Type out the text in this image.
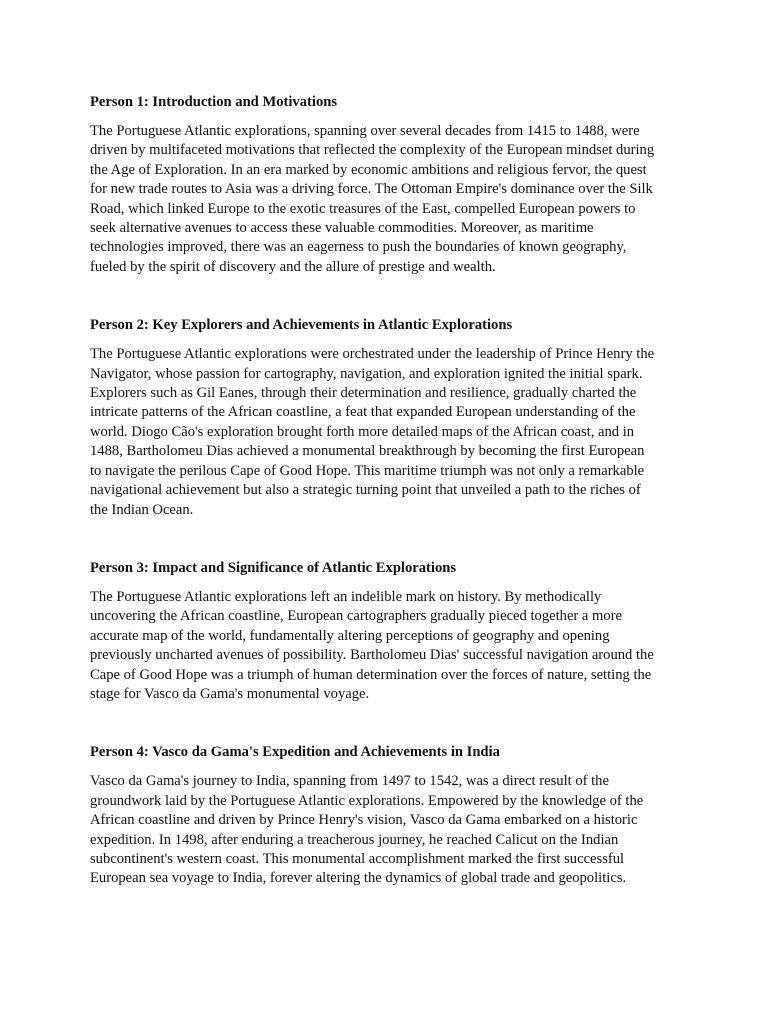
Person 1: Introduction and Motivations
The Portuguese Atlantic explorations, spanning over several decades from 1415 to 1488, were
driven by multifaceted motivations that reflected the complexity of the European mindset during
the Age of Exploration. In an era marked by economic ambitions and religious fervor, the quest
for new trade routes to Asia was a driving force. The Ottoman Empire's dominance over the Silk
Road, which linked Europe to the exotic treasures of the East, compelled European powers to
seek alternative avenues to access these valuable commodities. Moreover, as maritime
technologies improved, there was an eagerness to push the boundaries of known geography,
fueled by the spirit of discovery and the allure of prestige and wealth.
Person 2: Key Explorers and Achievements in Atlantic Explorations
The Portuguese Atlantic explorations were orchestrated under the leadership of Prince Henry the
Navigator, whose passion for cartography, navigation, and exploration ignited the initial spark.
Explorers such as Gil Eanes, through their determination and resilience, gradually charted the
intricate patterns of the African coastline, a feat that expanded European understanding of the
world. Diogo Cão's exploration brought forth more detailed maps of the African coast, and in
1488, Bartholomeu Dias achieved a monumental breakthrough by becoming the first European
to navigate the perilous Cape of Good Hope. This maritime triumph was not only a remarkable
navigational achievement but also a strategic turning point that unveiled a path to the riches of
the Indian Ocean.
Person 3: Impact and Significance of Atlantic Explorations
The Portuguese Atlantic explorations left an indelible mark on history. By methodically
uncovering the African coastline, European cartographers gradually pieced together a more
accurate map of the world, fundamentally altering perceptions of geography and opening
previously uncharted avenues of possibility. Bartholomeu Dias' successful navigation around the
Cape of Good Hope was a triumph of human determination over the forces of nature, setting the
stage for Vasco da Gama's monumental voyage.
Person 4: Vasco da Gama's Expedition and Achievements in India
Vasco da Gama's journey to India, spanning from 1497 to 1542, was a direct result of the
groundwork laid by the Portuguese Atlantic explorations. Empowered by the knowledge of the
African coastline and driven by Prince Henry's vision, Vasco da Gama embarked on a historic
expedition. In 1498, after enduring a treacherous journey, he reached Calicut on the Indian
subcontinent's western coast. This monumental accomplishment marked the first successful
European sea voyage to India, forever altering the dynamics of global trade and geopolitics.
